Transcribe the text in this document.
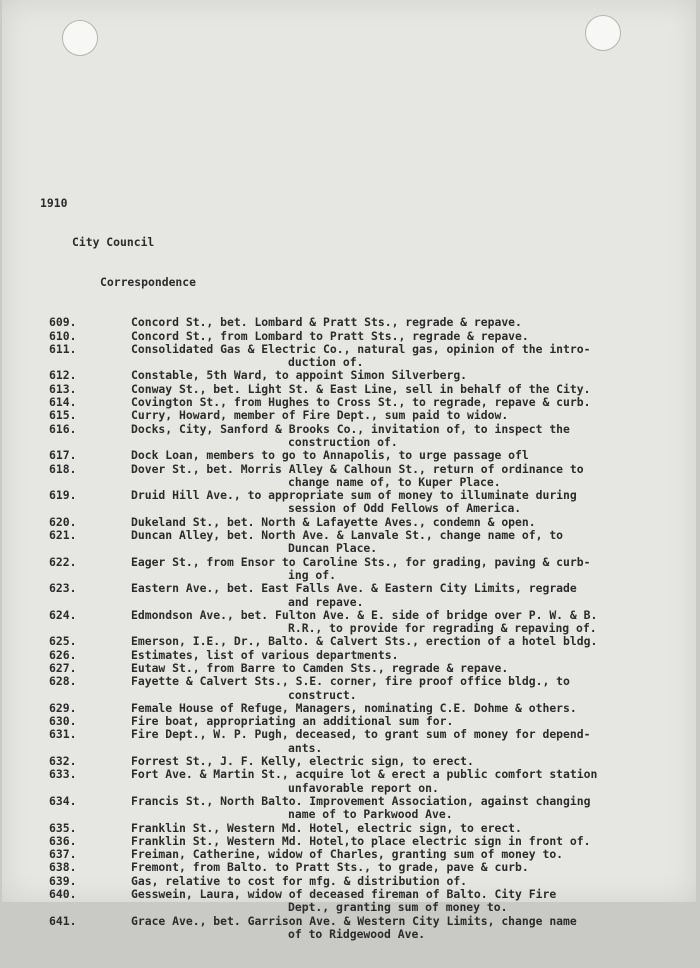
1910

City Council

Correspondence

609.	Concord St., bet. Lombard & Pratt Sts., regrade & repave.
610.	Concord St., from Lombard to Pratt Sts., regrade & repave.
611.	Consolidated Gas & Electric Co., natural gas, opinion of the intro-
duction of.
612.	Constable, 5th Ward, to appoint Simon Silverberg.
613.	Conway St., bet. Light St. & East Line, sell in behalf of the City.
614.	Covington St., from Hughes to Cross St., to regrade, repave & curb.
615.	Curry, Howard, member of Fire Dept., sum paid to widow.
616.	Docks, City, Sanford & Brooks Co., invitation of, to inspect the
construction of.
617.	Dock Loan, members to go to Annapolis, to urge passage ofl
618.	Dover St., bet. Morris Alley & Calhoun St., return of ordinance to
change name of, to Kuper Place.
619.	Druid Hill Ave., to appropriate sum of money to illuminate during
session of Odd Fellows of America.
620.	Dukeland St., bet. North & Lafayette Aves., condemn & open.
621.	Duncan Alley, bet. North Ave. & Lanvale St., change name of, to
Duncan Place.
622.	Eager St., from Ensor to Caroline Sts., for grading, paving & curb-
ing of.
623.	Eastern Ave., bet. East Falls Ave. & Eastern City Limits, regrade
and repave.
624.	Edmondson Ave., bet. Fulton Ave. & E. side of bridge over P. W. & B.
R.R., to provide for regrading & repaving of.
625.	Emerson, I.E., Dr., Balto. & Calvert Sts., erection of a hotel bldg.
626.	Estimates, list of various departments.
627.	Eutaw St., from Barre to Camden Sts., regrade & repave.
628.	Fayette & Calvert Sts., S.E. corner, fire proof office bldg., to
construct.
629.	Female House of Refuge, Managers, nominating C.E. Dohme & others.
630.	Fire boat, appropriating an additional sum for.
631.	Fire Dept., W. P. Pugh, deceased, to grant sum of money for depend-
ants.
632.	Forrest St., J. F. Kelly, electric sign, to erect.
633.	Fort Ave. & Martin St., acquire lot & erect a public comfort station
unfavorable report on.
634.	Francis St., North Balto. Improvement Association, against changing
name of to Parkwood Ave.
635.	Franklin St., Western Md. Hotel, electric sign, to erect.
636.	Franklin St., Western Md. Hotel,to place electric sign in front of.
637.	Freiman, Catherine, widow of Charles, granting sum of money to.
638.	Fremont, from Balto. to Pratt Sts., to grade, pave & curb.
639.	Gas, relative to cost for mfg. & distribution of.
640.	Gesswein, Laura, widow of deceased fireman of Balto. City Fire
Dept., granting sum of money to.
641.	Grace Ave., bet. Garrison Ave. & Western City Limits, change name
of to Ridgewood Ave.
